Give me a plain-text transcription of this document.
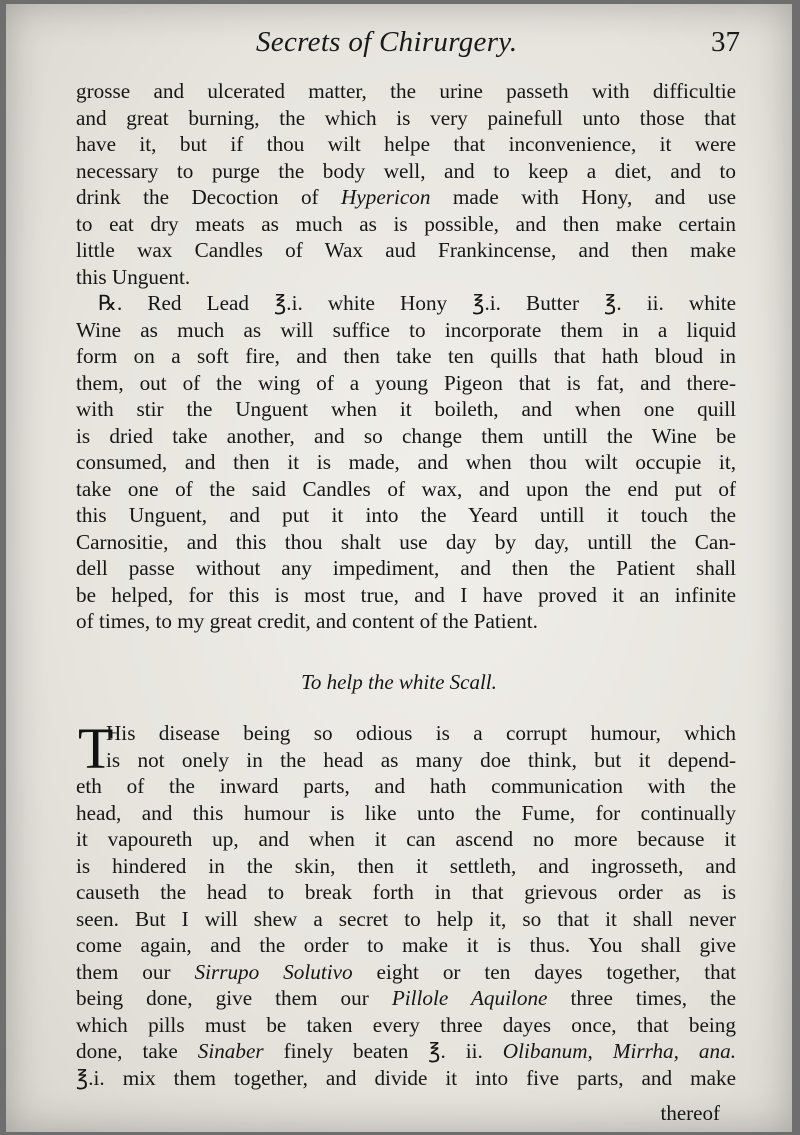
Secrets of Chirurgery.	37
grosse and ulcerated matter, the urine passeth with difficultie
and great burning, the which is very painefull unto those that
have it, but if thou wilt helpe that inconvenience, it were
necessary to purge the body well, and to keep a diet, and to
drink the Decoction of Hypericon made with Hony, and use
to eat dry meats as much as is possible, and then make certain
little wax Candles of Wax aud Frankincense, and then make
this Unguent.
℞. Red Lead ℥.i. white Hony ℥.i. Butter ℥. ii. white
Wine as much as will suffice to incorporate them in a liquid
form on a soft fire, and then take ten quills that hath bloud in
them, out of the wing of a young Pigeon that is fat, and there-
with stir the Unguent when it boileth, and when one quill
is dried take another, and so change them untill the Wine be
consumed, and then it is made, and when thou wilt occupie it,
take one of the said Candles of wax, and upon the end put of
this Unguent, and put it into the Yeard untill it touch the
Carnositie, and this thou shalt use day by day, untill the Can-
dell passe without any impediment, and then the Patient shall
be helped, for this is most true, and I have proved it an infinite
of times, to my great credit, and content of the Patient.
To help the white Scall.
T
His disease being so odious is a corrupt humour, which
is not onely in the head as many doe think, but it depend-
eth of the inward parts, and hath communication with the
head, and this humour is like unto the Fume, for continually
it vapoureth up, and when it can ascend no more because it
is hindered in the skin, then it settleth, and ingrosseth, and
causeth the head to break forth in that grievous order as is
seen. But I will shew a secret to help it, so that it shall never
come again, and the order to make it is thus. You shall give
them our Sirrupo Solutivo eight or ten dayes together, that
being done, give them our Pillole Aquilone three times, the
which pills must be taken every three dayes once, that being
done, take Sinaber finely beaten ℥. ii. Olibanum, Mirrha, ana.
℥.i. mix them together, and divide it into five parts, and make
thereof
